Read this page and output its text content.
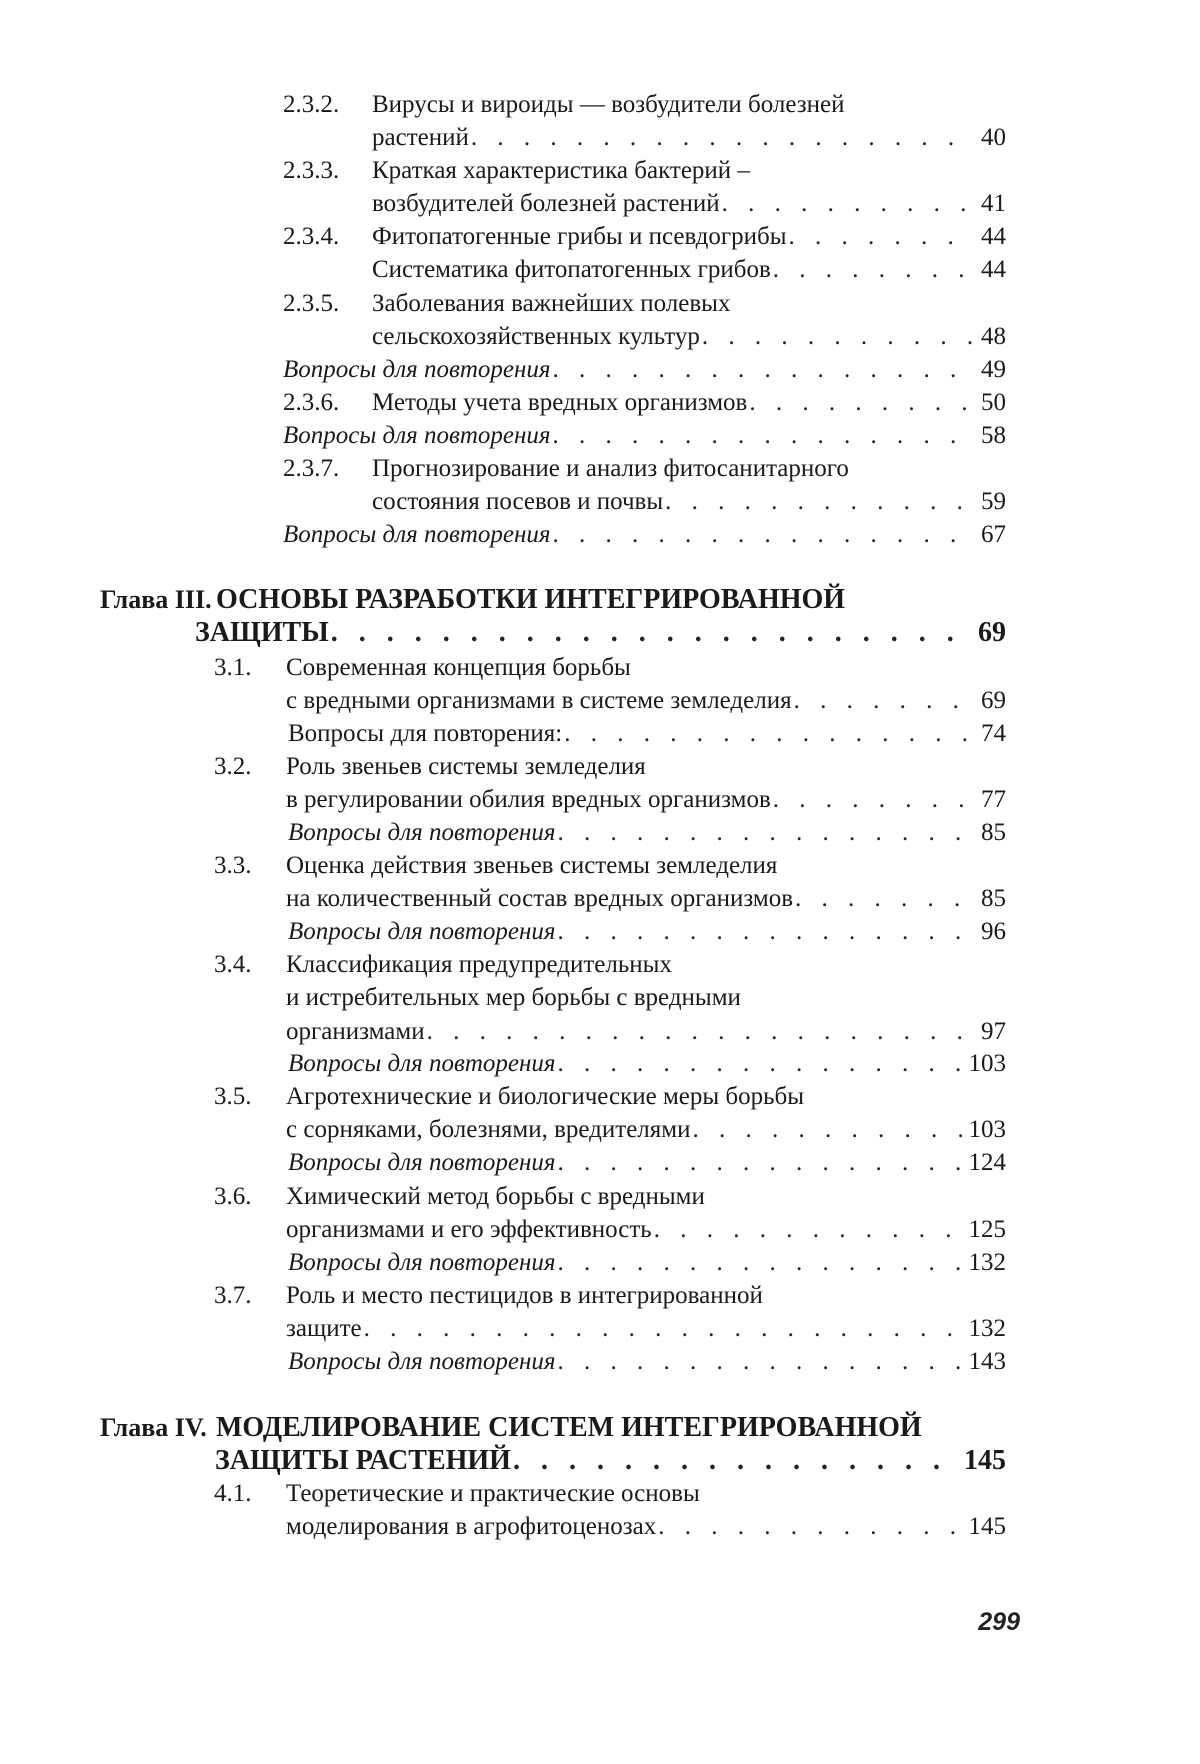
2.3.2. Вирусы и вироиды — возбудители болезней
растений . . .	40
2.3.3. Краткая характеристика бактерий –
возбудителей болезней растений . . .	41
2.3.4. Фитопатогенные грибы и псевдогрибы . . .	44
Систематика фитопатогенных грибов . . .	44
2.3.5. Заболевания важнейших полевых
сельскохозяйственных культур . . .	48
Вопросы для повторения . . .	49
2.3.6. Методы учета вредных организмов . . .	50
Вопросы для повторения . . .	58
2.3.7. Прогнозирование и анализ фитосанитарного
состояния посевов и почвы . . .	59
Вопросы для повторения . . .	67
Глава III. ОСНОВЫ РАЗРАБОТКИ ИНТЕГРИРОВАННОЙ
ЗАЩИТЫ . . .	69
3.1. Современная концепция борьбы
с вредными организмами в системе земледелия . . .	69
Вопросы для повторения: . . .	74
3.2. Роль звеньев системы земледелия
в регулировании обилия вредных организмов . . .	77
Вопросы для повторения . . .	85
3.3. Оценка действия звеньев системы земледелия
на количественный состав вредных организмов . . .	85
Вопросы для повторения . . .	96
3.4. Классификация предупредительных
и истребительных мер борьбы с вредными
организмами . . .	97
Вопросы для повторения . . .	103
3.5. Агротехнические и биологические меры борьбы
с сорняками, болезнями, вредителями . . .	103
Вопросы для повторения . . .	124
3.6. Химический метод борьбы с вредными
организмами и его эффективность . . .	125
Вопросы для повторения . . .	132
3.7. Роль и место пестицидов в интегрированной
защите . . .	132
Вопросы для повторения . . .	143
Глава IV. МОДЕЛИРОВАНИЕ СИСТЕМ ИНТЕГРИРОВАННОЙ
ЗАЩИТЫ РАСТЕНИЙ . . .	145
4.1. Теоретические и практические основы
моделирования в агрофитоценозах . . .	145
299
